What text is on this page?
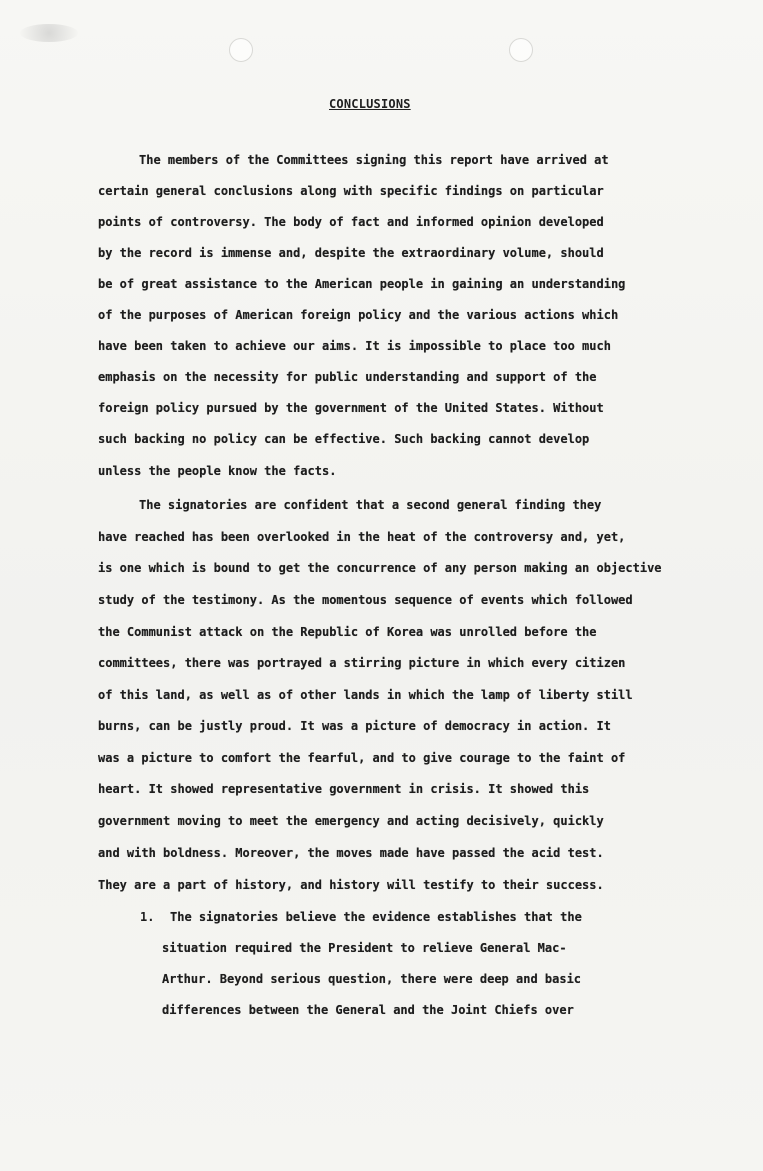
CONCLUSIONS
The members of the Committees signing this report have arrived at
certain general conclusions along with specific findings on particular
points of controversy. The body of fact and informed opinion developed
by the record is immense and, despite the extraordinary volume, should
be of great assistance to the American people in gaining an understanding
of the purposes of American foreign policy and the various actions which
have been taken to achieve our aims. It is impossible to place too much
emphasis on the necessity for public understanding and support of the
foreign policy pursued by the government of the United States. Without
such backing no policy can be effective. Such backing cannot develop
unless the people know the facts.
The signatories are confident that a second general finding they
have reached has been overlooked in the heat of the controversy and, yet,
is one which is bound to get the concurrence of any person making an objective
study of the testimony. As the momentous sequence of events which followed
the Communist attack on the Republic of Korea was unrolled before the
committees, there was portrayed a stirring picture in which every citizen
of this land, as well as of other lands in which the lamp of liberty still
burns, can be justly proud. It was a picture of democracy in action. It
was a picture to comfort the fearful, and to give courage to the faint of
heart. It showed representative government in crisis. It showed this
government moving to meet the emergency and acting decisively, quickly
and with boldness. Moreover, the moves made have passed the acid test.
They are a part of history, and history will testify to their success.
1. The signatories believe the evidence establishes that the
situation required the President to relieve General Mac-
Arthur. Beyond serious question, there were deep and basic
differences between the General and the Joint Chiefs over
